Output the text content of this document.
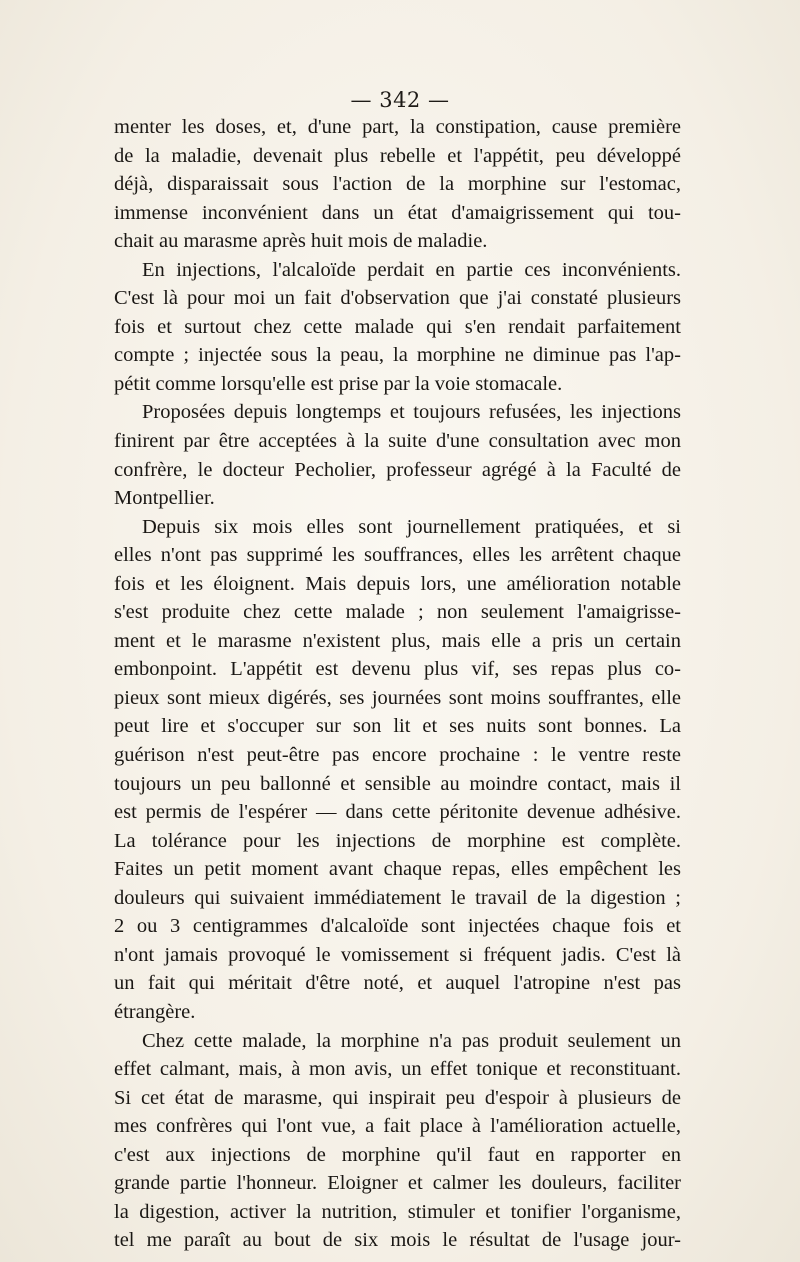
— 342 —
menter les doses, et, d'une part, la constipation, cause première
de la maladie, devenait plus rebelle et l'appétit, peu développé
déjà, disparaissait sous l'action de la morphine sur l'estomac,
immense inconvénient dans un état d'amaigrissement qui tou-
chait au marasme après huit mois de maladie.
En injections, l'alcaloïde perdait en partie ces inconvénients.
C'est là pour moi un fait d'observation que j'ai constaté plusieurs
fois et surtout chez cette malade qui s'en rendait parfaitement
compte ; injectée sous la peau, la morphine ne diminue pas l'ap-
pétit comme lorsqu'elle est prise par la voie stomacale.
Proposées depuis longtemps et toujours refusées, les injections
finirent par être acceptées à la suite d'une consultation avec mon
confrère, le docteur Pecholier, professeur agrégé à la Faculté de
Montpellier.
Depuis six mois elles sont journellement pratiquées, et si
elles n'ont pas supprimé les souffrances, elles les arrêtent chaque
fois et les éloignent. Mais depuis lors, une amélioration notable
s'est produite chez cette malade ; non seulement l'amaigrisse-
ment et le marasme n'existent plus, mais elle a pris un certain
embonpoint. L'appétit est devenu plus vif, ses repas plus co-
pieux sont mieux digérés, ses journées sont moins souffrantes, elle
peut lire et s'occuper sur son lit et ses nuits sont bonnes. La
guérison n'est peut-être pas encore prochaine : le ventre reste
toujours un peu ballonné et sensible au moindre contact, mais il
est permis de l'espérer — dans cette péritonite devenue adhésive.
La tolérance pour les injections de morphine est complète.
Faites un petit moment avant chaque repas, elles empêchent les
douleurs qui suivaient immédiatement le travail de la digestion ;
2 ou 3 centigrammes d'alcaloïde sont injectées chaque fois et
n'ont jamais provoqué le vomissement si fréquent jadis. C'est là
un fait qui méritait d'être noté, et auquel l'atropine n'est pas
étrangère.
Chez cette malade, la morphine n'a pas produit seulement un
effet calmant, mais, à mon avis, un effet tonique et reconstituant.
Si cet état de marasme, qui inspirait peu d'espoir à plusieurs de
mes confrères qui l'ont vue, a fait place à l'amélioration actuelle,
c'est aux injections de morphine qu'il faut en rapporter en
grande partie l'honneur. Eloigner et calmer les douleurs, faciliter
la digestion, activer la nutrition, stimuler et tonifier l'organisme,
tel me paraît au bout de six mois le résultat de l'usage jour-
